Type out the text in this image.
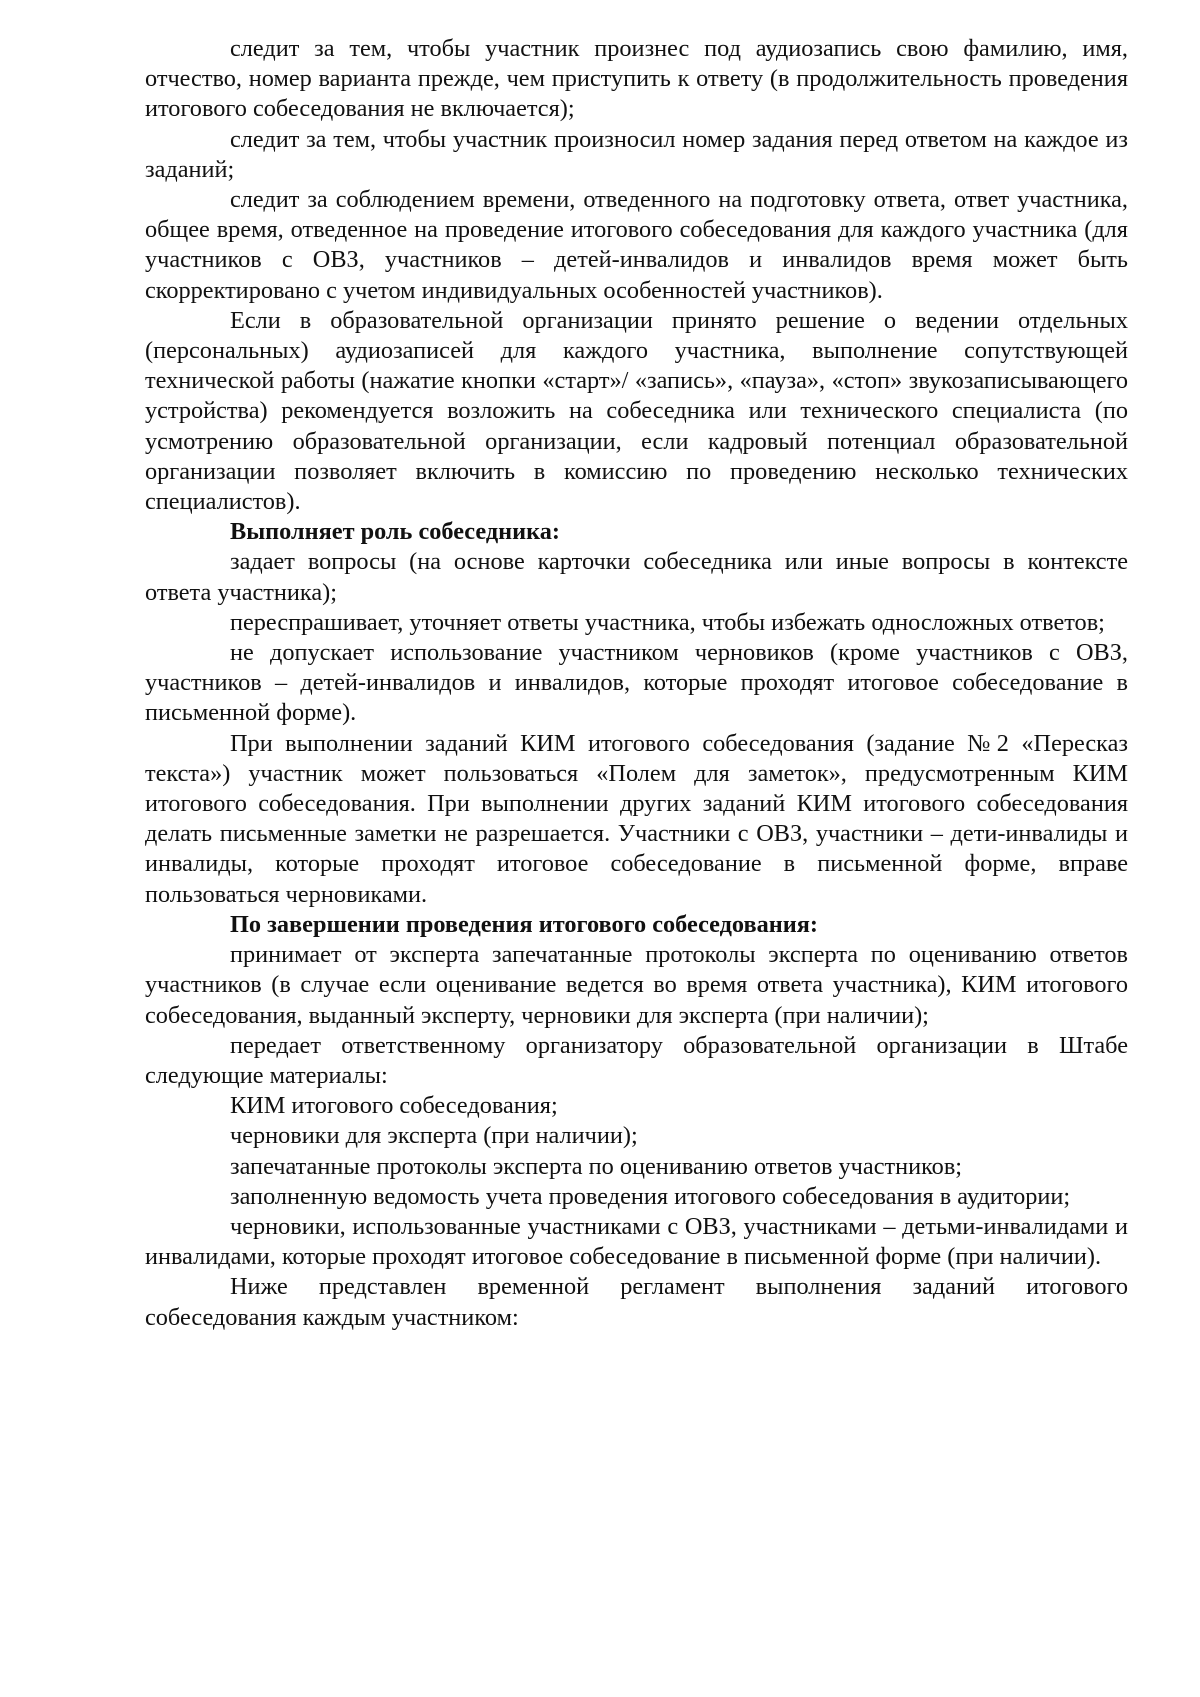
следит за тем, чтобы участник произнес под аудиозапись свою фамилию, имя, отчество, номер варианта прежде, чем приступить к ответу (в продолжительность проведения итогового собеседования не включается);

следит за тем, чтобы участник произносил номер задания перед ответом на каждое из заданий;

следит за соблюдением времени, отведенного на подготовку ответа, ответ участника, общее время, отведенное на проведение итогового собеседования для каждого участника (для участников с ОВЗ, участников – детей-инвалидов и инвалидов время может быть скорректировано с учетом индивидуальных особенностей участников).

Если в образовательной организации принято решение о ведении отдельных (персональных) аудиозаписей для каждого участника, выполнение сопутствующей технической работы (нажатие кнопки «старт»/ «запись», «пауза», «стоп» звукозаписывающего устройства) рекомендуется возложить на собеседника или технического специалиста (по усмотрению образовательной организации, если кадровый потенциал образовательной организации позволяет включить в комиссию по проведению несколько технических специалистов).

Выполняет роль собеседника:

задает вопросы (на основе карточки собеседника или иные вопросы в контексте ответа участника);

переспрашивает, уточняет ответы участника, чтобы избежать односложных ответов;

не допускает использование участником черновиков (кроме участников с ОВЗ, участников – детей-инвалидов и инвалидов, которые проходят итоговое собеседование в письменной форме).

При выполнении заданий КИМ итогового собеседования (задание №2 «Пересказ текста») участник может пользоваться «Полем для заметок», предусмотренным КИМ итогового собеседования. При выполнении других заданий КИМ итогового собеседования делать письменные заметки не разрешается. Участники с ОВЗ, участники – дети-инвалиды и инвалиды, которые проходят итоговое собеседование в письменной форме, вправе пользоваться черновиками.

По завершении проведения итогового собеседования:

принимает от эксперта запечатанные протоколы эксперта по оцениванию ответов участников (в случае если оценивание ведется во время ответа участника), КИМ итогового собеседования, выданный эксперту, черновики для эксперта (при наличии);

передает ответственному организатору образовательной организации в Штабе следующие материалы:

КИМ итогового собеседования;

черновики для эксперта (при наличии);

запечатанные протоколы эксперта по оцениванию ответов участников;

заполненную ведомость учета проведения итогового собеседования в аудитории;

черновики, использованные участниками с ОВЗ, участниками – детьми-инвалидами и инвалидами, которые проходят итоговое собеседование в письменной форме (при наличии).

Ниже представлен временной регламент выполнения заданий итогового собеседования каждым участником:
